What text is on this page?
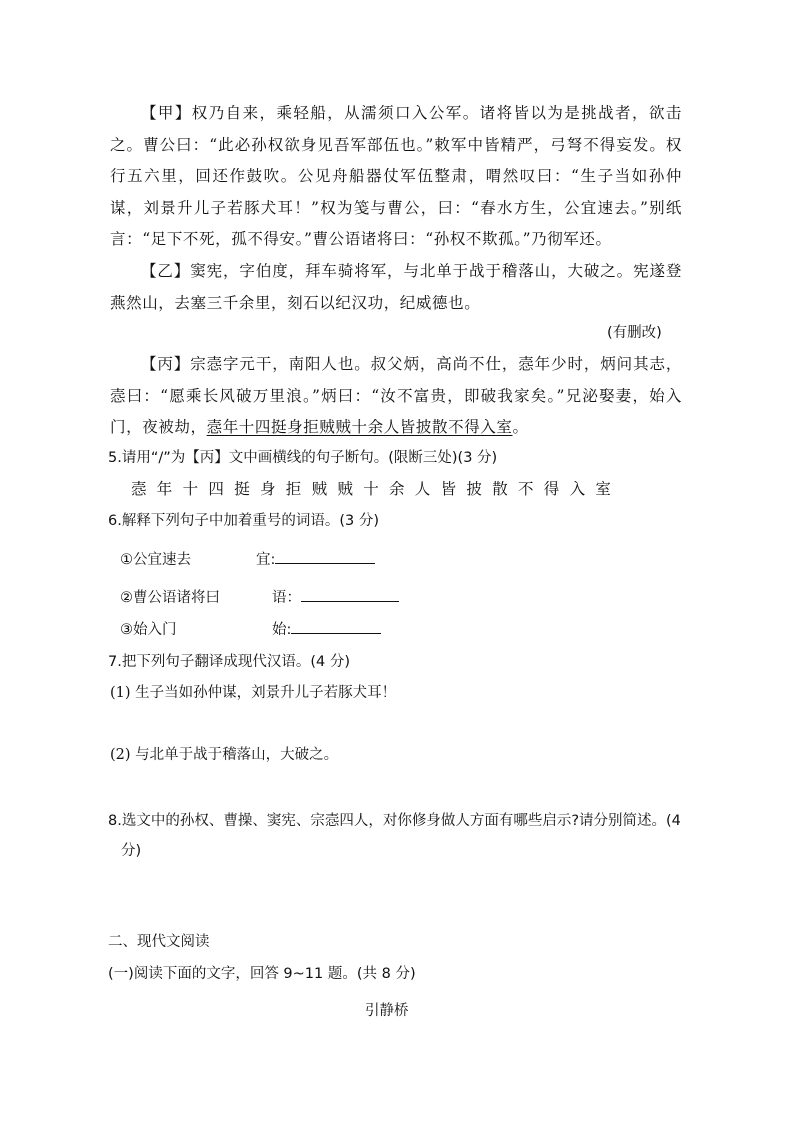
【甲】权乃自来，乘轻船，从濡须口入公军。诸将皆以为是挑战者，欲击之。曹公曰：“此必孙权欲身见吾军部伍也。”敕军中皆精严，弓弩不得妄发。权行五六里，回还作鼓吹。公见舟船器仗军伍整肃，喟然叹曰：“生子当如孙仲谋，刘景升儿子若豚犬耳！”权为笺与曹公，曰：“春水方生，公宜速去。”别纸言：“足下不死，孤不得安。”曹公语诸将曰：“孙权不欺孤。”乃彻军还。
【乙】窦宪，字伯度，拜车骑将军，与北单于战于稽落山，大破之。宪遂登燕然山，去塞三千余里，刻石以纪汉功，纪威德也。
(有删改)
【丙】宗悫字元干，南阳人也。叔父炳，高尚不仕，悫年少时，炳问其志，悫曰：“愿乘长风破万里浪。”炳曰：“汝不富贵，即破我家矣。”兄泌娶妻，始入门，夜被劫，悫年十四挺身拒贼贼十余人皆披散不得入室。
5.请用“/”为【丙】文中画横线的句子断句。(限断三处)(3 分)
悫年十四挺身拒贼贼十余人皆披散不得入室
6.解释下列句子中加着重号的词语。(3 分)
①公宜速去	宜:
②曹公语诸将曰	语：
③始入门	始:
7.把下列句子翻译成现代汉语。(4 分)
(1) 生子当如孙仲谋，刘景升儿子若豚犬耳！
(2) 与北单于战于稽落山，大破之。
8.选文中的孙权、曹操、窦宪、宗悫四人，对你修身做人方面有哪些启示?请分别简述。(4 分)
二、现代文阅读
(一)阅读下面的文字，回答 9~11 题。(共 8 分)
引静桥
